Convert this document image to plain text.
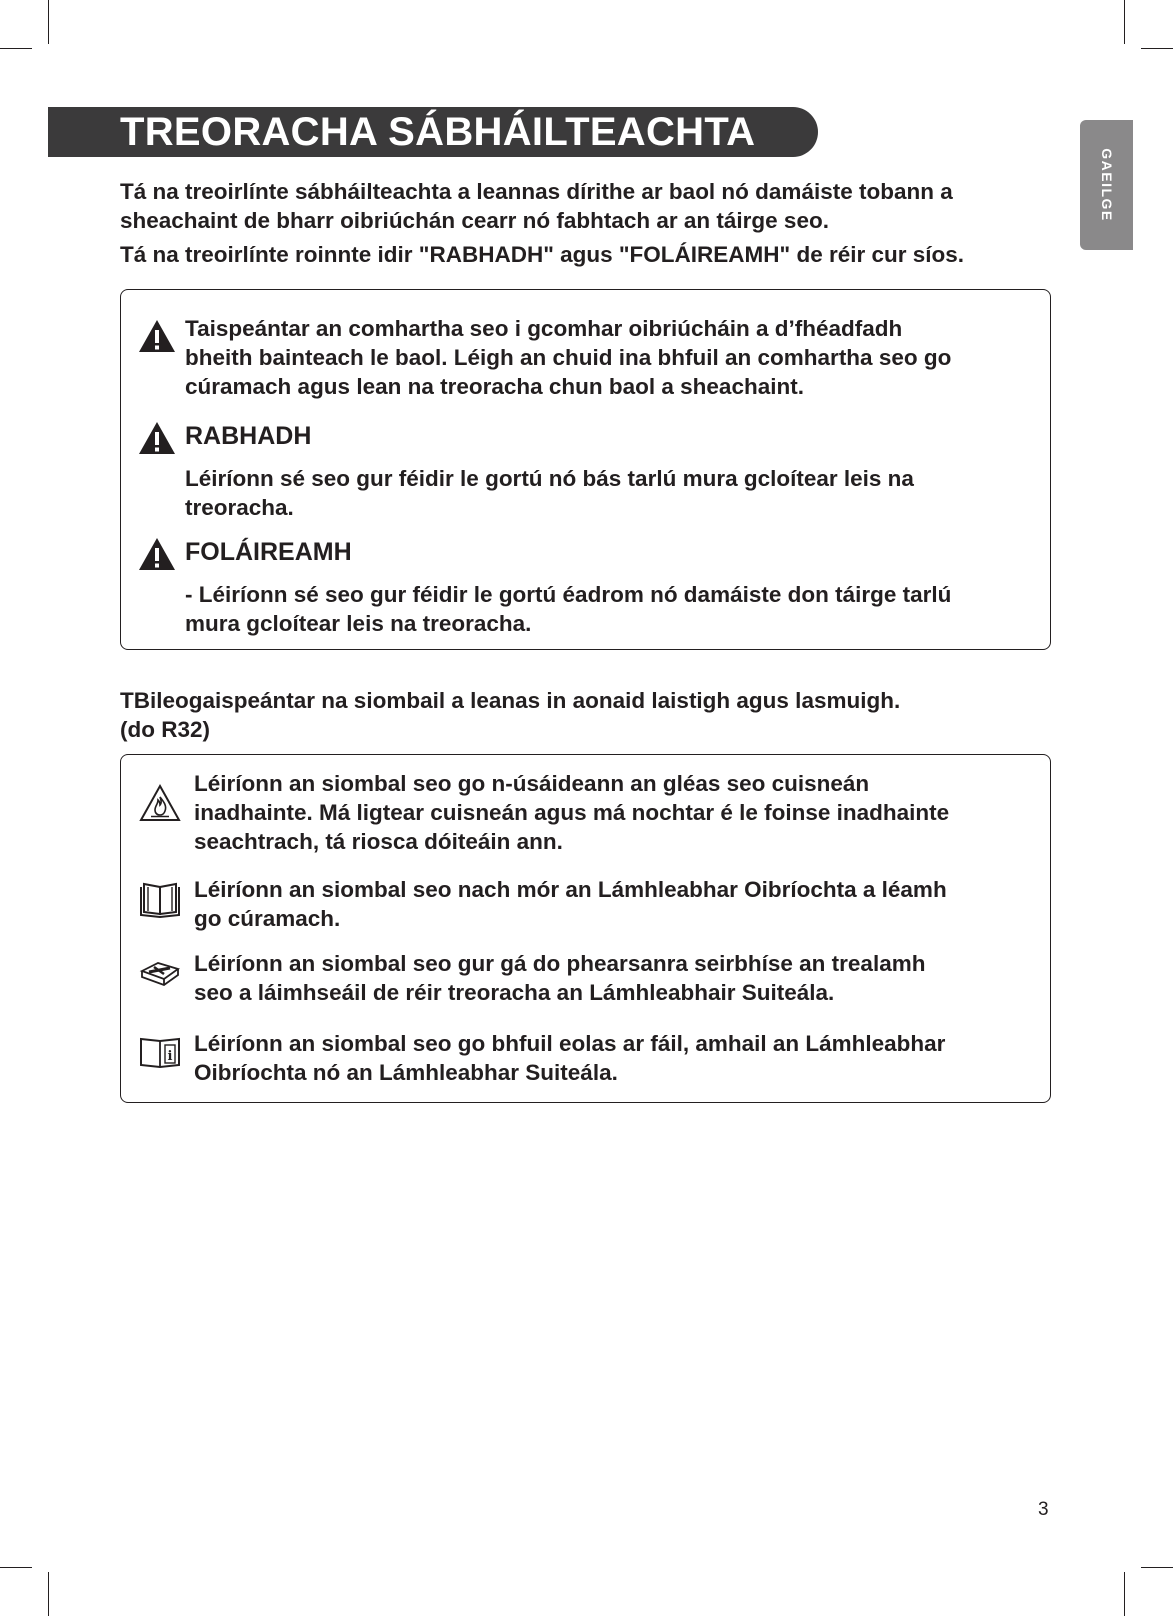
TREORACHA SÁBHÁILTEACHTA
GAEILGE

Tá na treoirlínte sábháilteachta a leannas dírithe ar baol nó damáiste tobann a
sheachaint de bharr oibriúchán cearr nó fabhtach ar an táirge seo.

Tá na treoirlínte roinnte idir "RABHADH" agus "FOLÁIREAMH" de réir cur síos.

Taispeántar an comhartha seo i gcomhar oibriúcháin a d’fhéadfadh
bheith bainteach le baol. Léigh an chuid ina bhfuil an comhartha seo go
cúramach agus lean na treoracha chun baol a sheachaint.

RABHADH

Léiríonn sé seo gur féidir le gortú nó bás tarlú mura gcloítear leis na
treoracha.

FOLÁIREAMH

- Léiríonn sé seo gur féidir le gortú éadrom nó damáiste don táirge tarlú
mura gcloítear leis na treoracha.

TBileogaispeántar na siombail a leanas in aonaid laistigh agus lasmuigh.
(do R32)

Léiríonn an siombal seo go n-úsáideann an gléas seo cuisneán
inadhainte. Má ligtear cuisneán agus má nochtar é le foinse inadhainte
seachtrach, tá riosca dóiteáin ann.

Léiríonn an siombal seo nach mór an Lámhleabhar Oibríochta a léamh
go cúramach.

Léiríonn an siombal seo gur gá do phearsanra seirbhíse an trealamh
seo a láimhseáil de réir treoracha an Lámhleabhair Suiteála.

i

Léiríonn an siombal seo go bhfuil eolas ar fáil, amhail an Lámhleabhar
Oibríochta nó an Lámhleabhar Suiteála.

3
